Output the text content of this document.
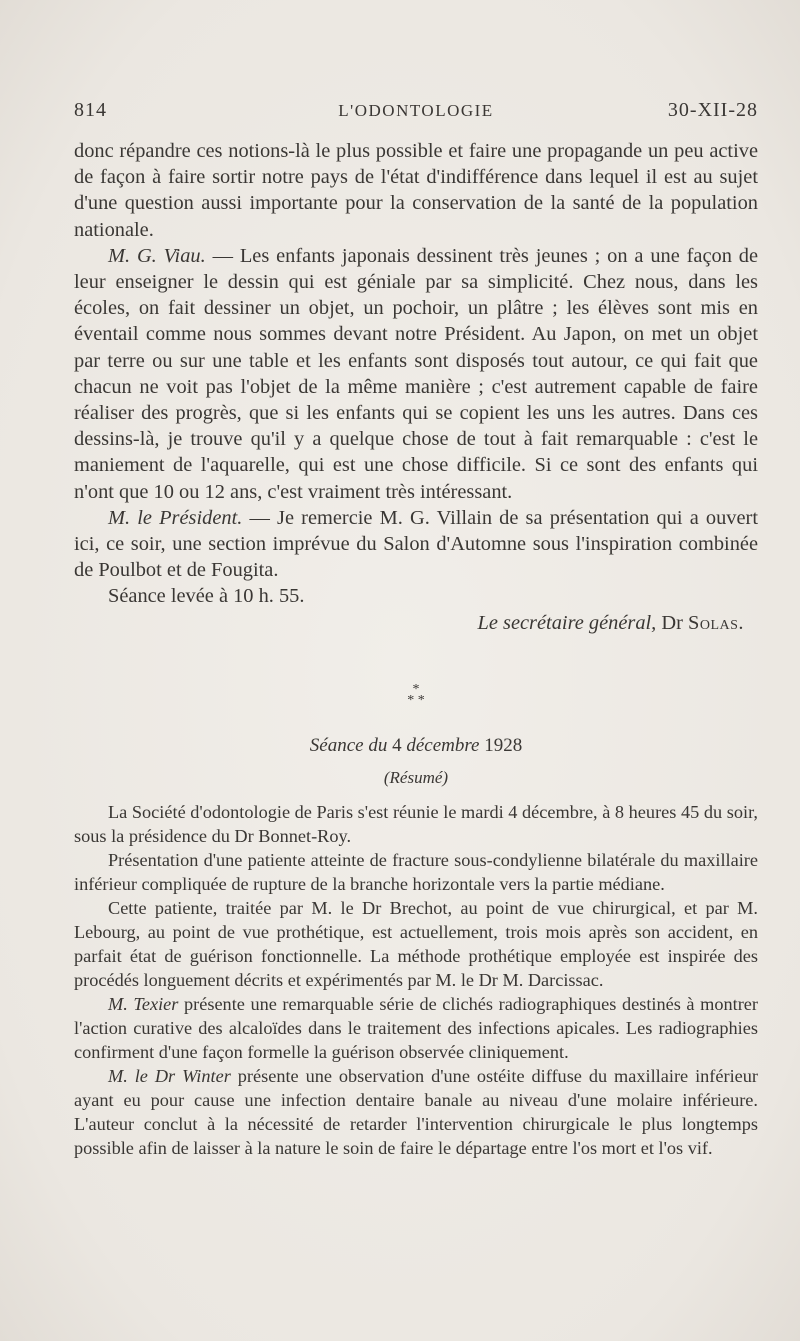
814	L'ODONTOLOGIE	30-XII-28

donc répandre ces notions-là le plus possible et faire une propagande un peu active de façon à faire sortir notre pays de l'état d'indifférence dans lequel il est au sujet d'une question aussi importante pour la conservation de la santé de la population nationale.

M. G. Viau. — Les enfants japonais dessinent très jeunes ; on a une façon de leur enseigner le dessin qui est géniale par sa simplicité. Chez nous, dans les écoles, on fait dessiner un objet, un pochoir, un plâtre ; les élèves sont mis en éventail comme nous sommes devant notre Président. Au Japon, on met un objet par terre ou sur une table et les enfants sont disposés tout autour, ce qui fait que chacun ne voit pas l'objet de la même manière ; c'est autrement capable de faire réaliser des progrès, que si les enfants qui se copient les uns les autres. Dans ces dessins-là, je trouve qu'il y a quelque chose de tout à fait remarquable : c'est le maniement de l'aquarelle, qui est une chose difficile. Si ce sont des enfants qui n'ont que 10 ou 12 ans, c'est vraiment très intéressant.

M. le Président. — Je remercie M. G. Villain de sa présentation qui a ouvert ici, ce soir, une section imprévue du Salon d'Automne sous l'inspiration combinée de Poulbot et de Fougita.

Séance levée à 10 h. 55.

Le secrétaire général, Dr Solas.

*
* *
Séance du 4 décembre 1928
(Résumé)

La Société d'odontologie de Paris s'est réunie le mardi 4 décembre, à 8 heures 45 du soir, sous la présidence du Dr Bonnet-Roy.

Présentation d'une patiente atteinte de fracture sous-condylienne bilatérale du maxillaire inférieur compliquée de rupture de la branche horizontale vers la partie médiane.

Cette patiente, traitée par M. le Dr Brechot, au point de vue chirurgical, et par M. Lebourg, au point de vue prothétique, est actuellement, trois mois après son accident, en parfait état de guérison fonctionnelle. La méthode prothétique employée est inspirée des procédés longuement décrits et expérimentés par M. le Dr M. Darcissac.

M. Texier présente une remarquable série de clichés radiographiques destinés à montrer l'action curative des alcaloïdes dans le traitement des infections apicales. Les radiographies confirment d'une façon formelle la guérison observée cliniquement.

M. le Dr Winter présente une observation d'une ostéite diffuse du maxillaire inférieur ayant eu pour cause une infection dentaire banale au niveau d'une molaire inférieure. L'auteur conclut à la nécessité de retarder l'intervention chirurgicale le plus longtemps possible afin de laisser à la nature le soin de faire le départage entre l'os mort et l'os vif.
